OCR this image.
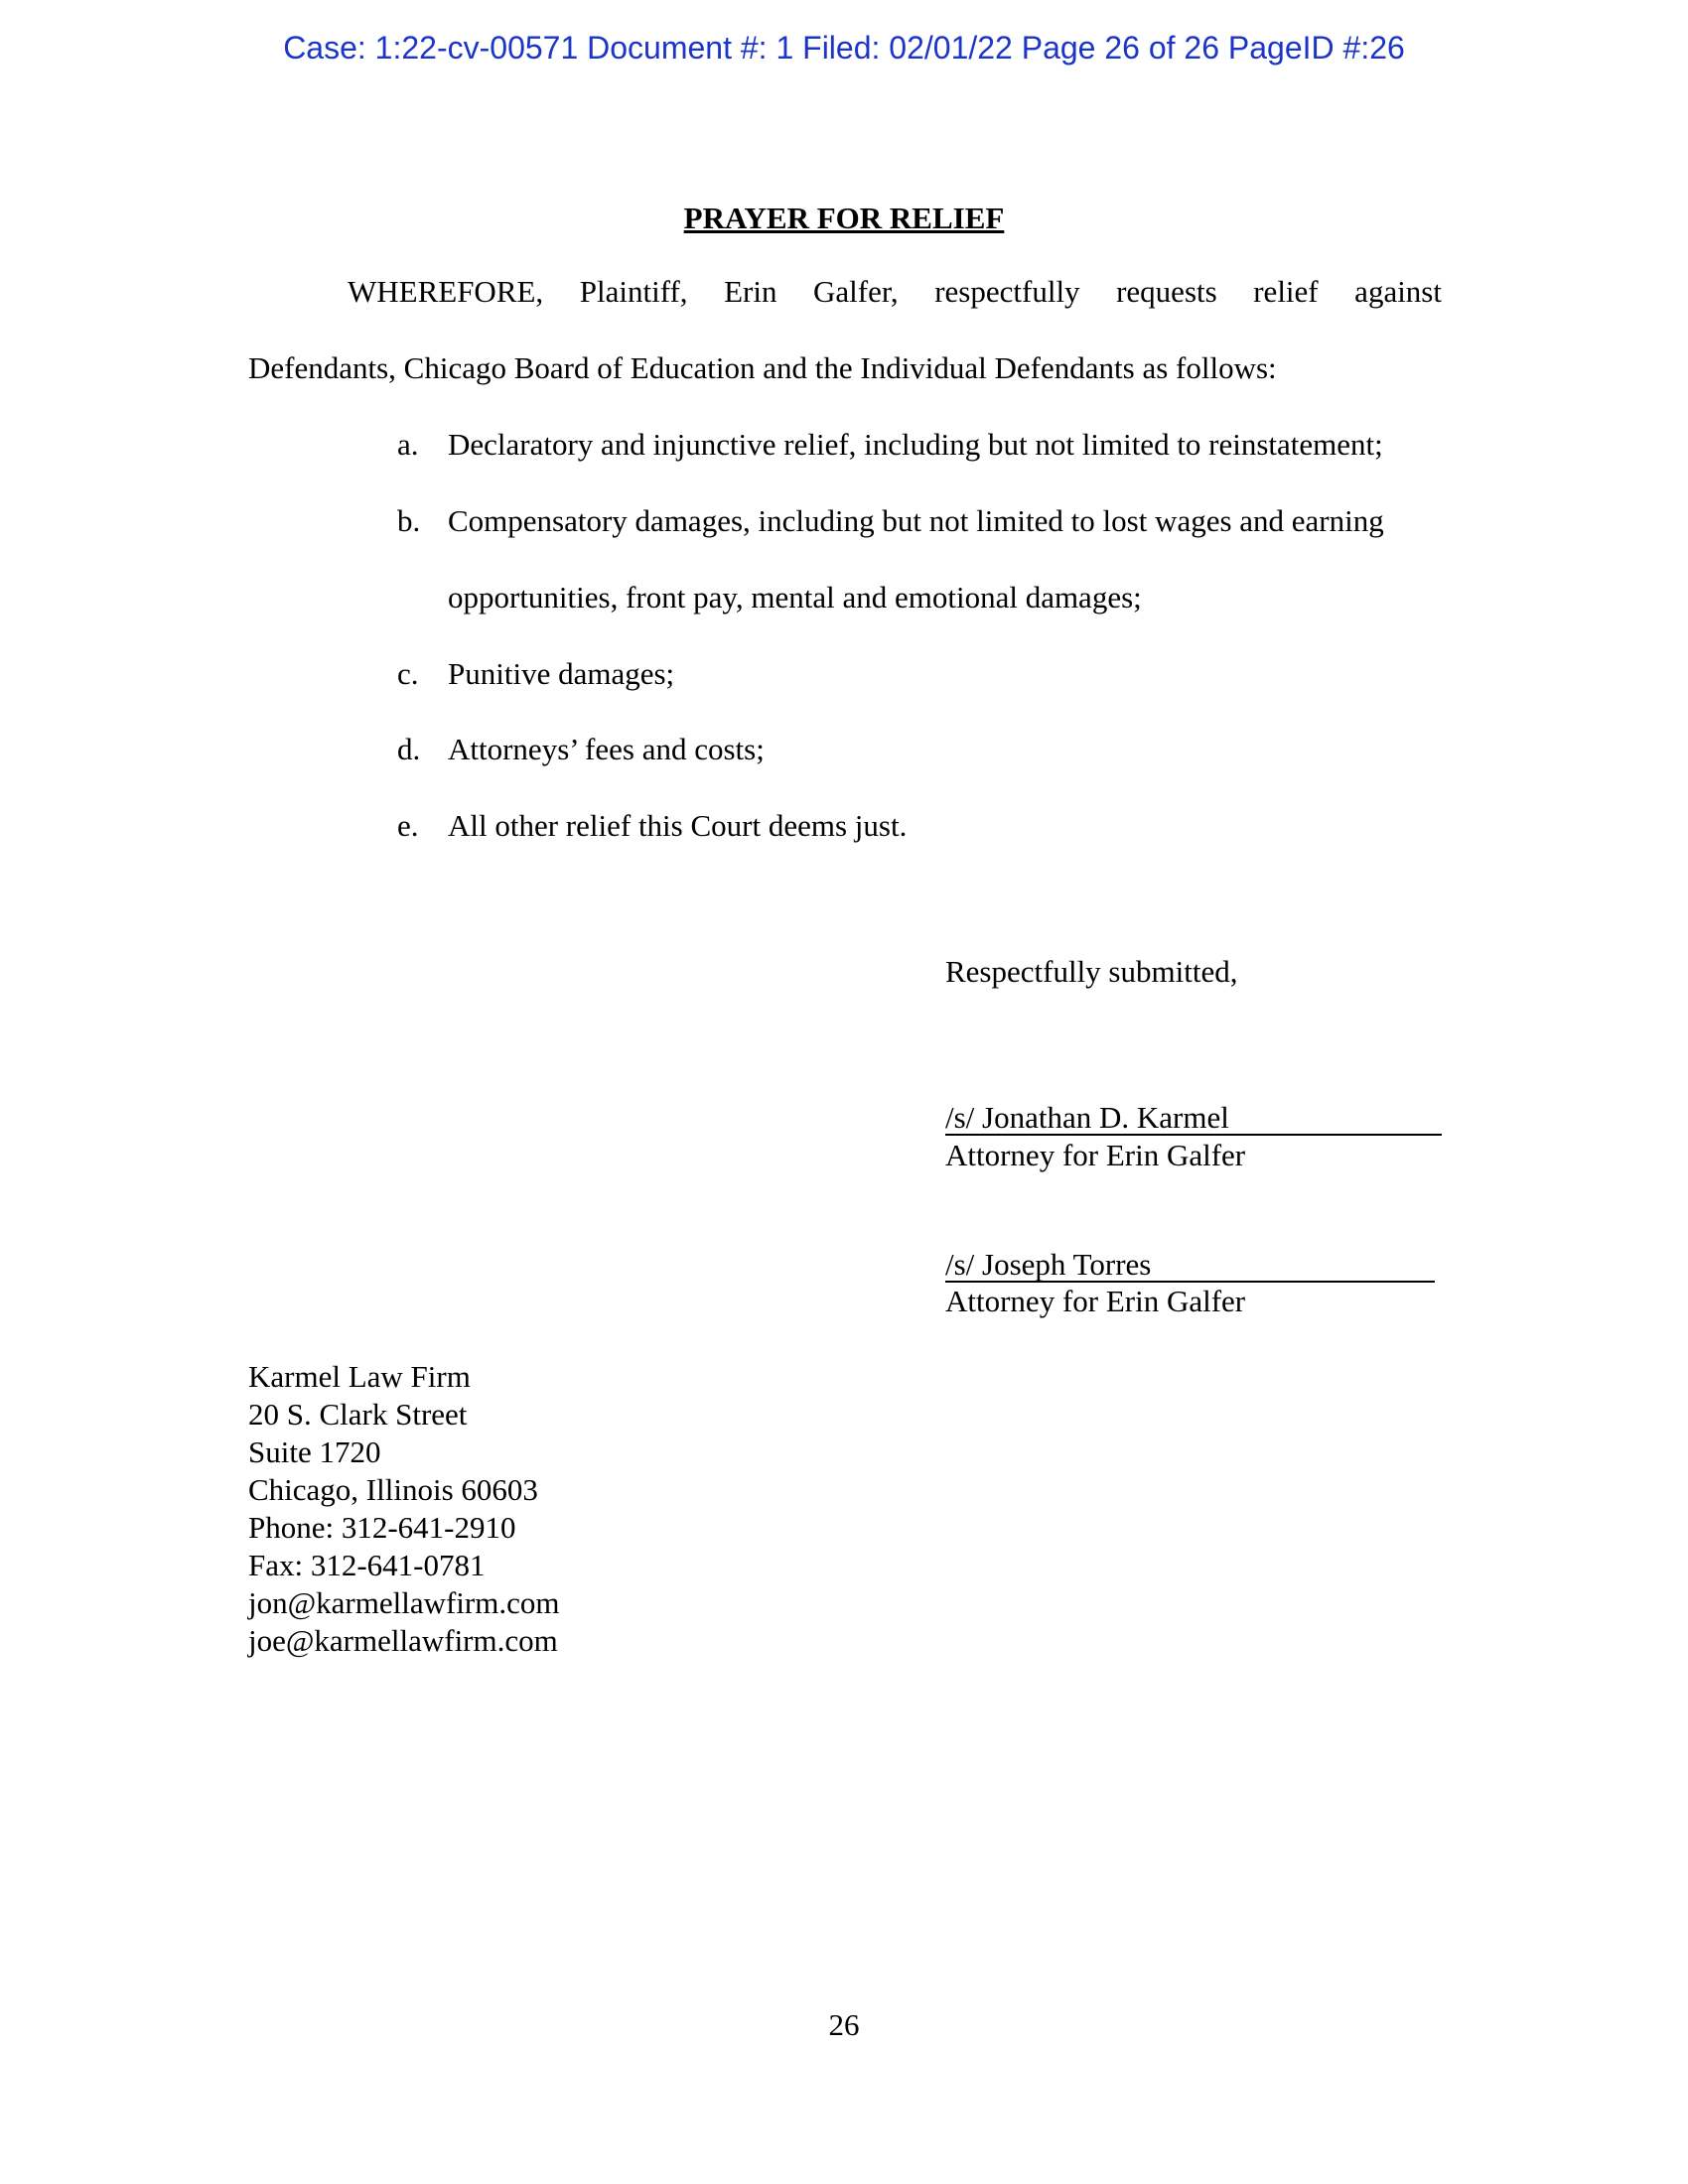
Case: 1:22-cv-00571 Document #: 1 Filed: 02/01/22 Page 26 of 26 PageID #:26
PRAYER FOR RELIEF
WHEREFORE, Plaintiff, Erin Galfer, respectfully requests relief against
Defendants, Chicago Board of Education and the Individual Defendants as follows:
a. Declaratory and injunctive relief, including but not limited to reinstatement;
b. Compensatory damages, including but not limited to lost wages and earning
opportunities, front pay, mental and emotional damages;
c. Punitive damages;
d. Attorneys’ fees and costs;
e. All other relief this Court deems just.
Respectfully submitted,
/s/ Jonathan D. Karmel
Attorney for Erin Galfer
/s/ Joseph Torres
Attorney for Erin Galfer
Karmel Law Firm
20 S. Clark Street
Suite 1720
Chicago, Illinois 60603
Phone: 312-641-2910
Fax: 312-641-0781
jon@karmellawfirm.com
joe@karmellawfirm.com
26
